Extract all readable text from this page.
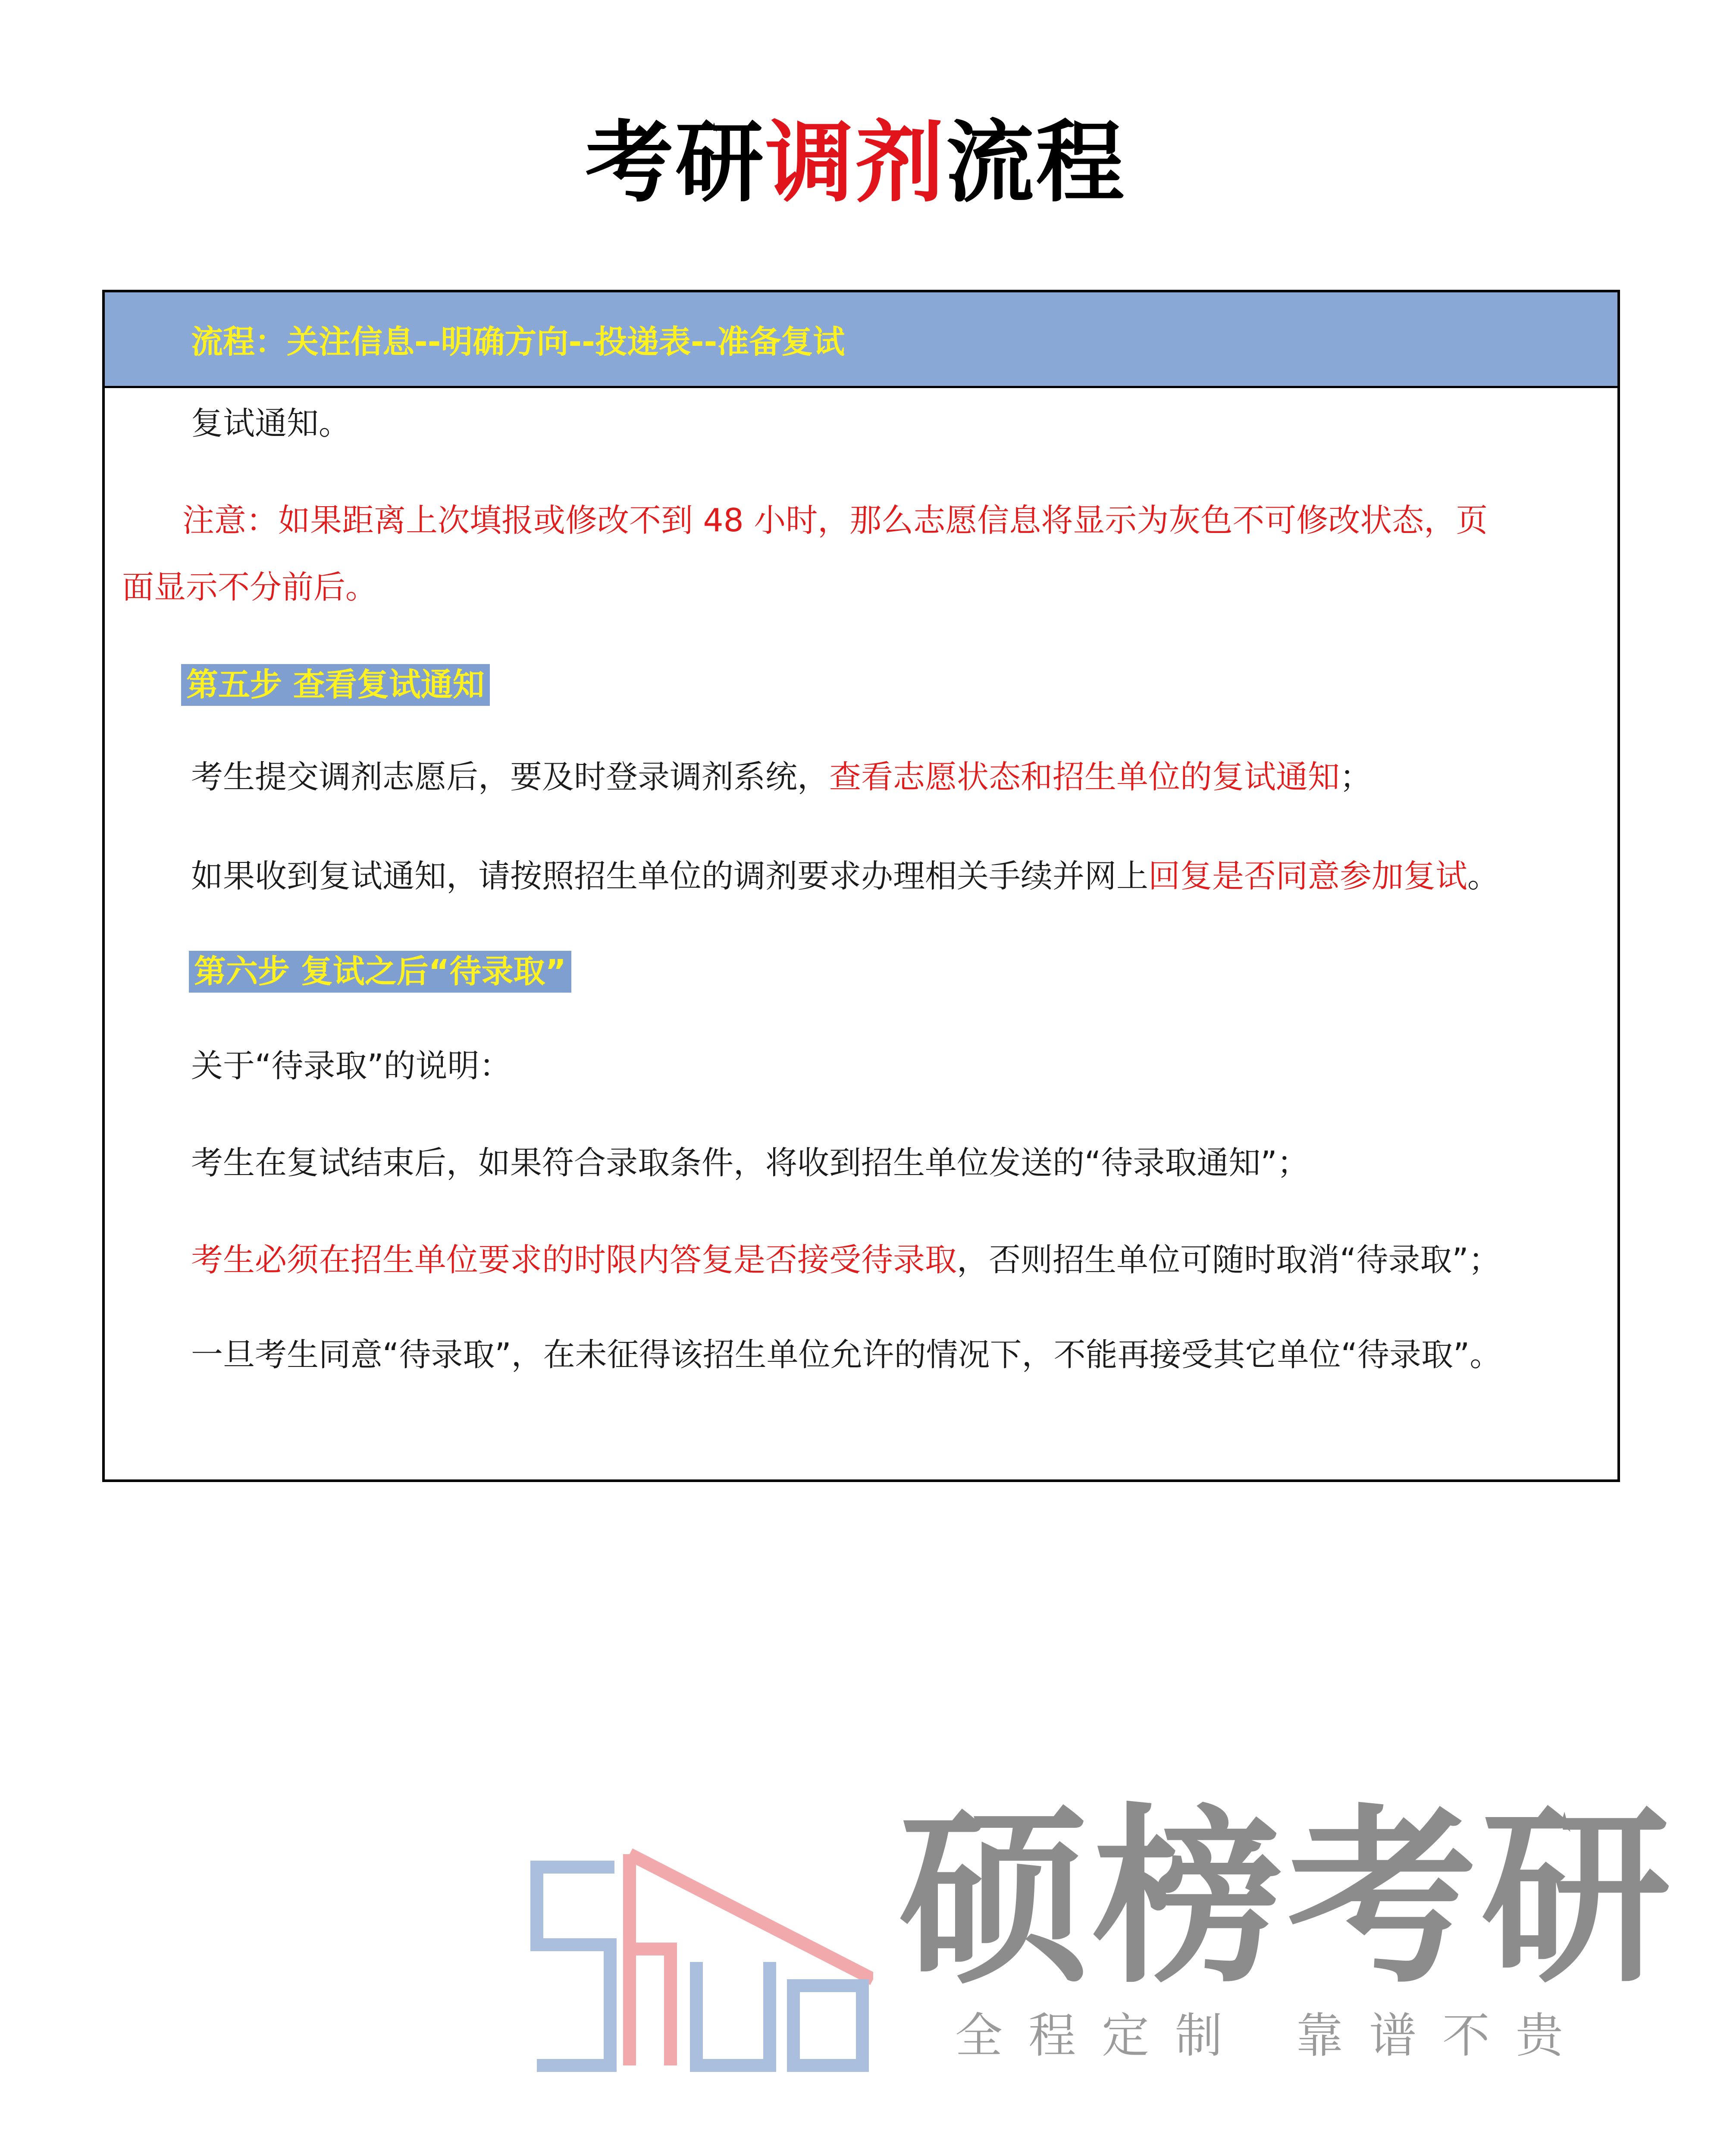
考研调剂流程
流程：关注信息--明确方向--投递表--准备复试
复试通知。
注意：如果距离上次填报或修改不到 48 小时，那么志愿信息将显示为灰色不可修改状态，页
面显示不分前后。
第五步 查看复试通知
考生提交调剂志愿后，要及时登录调剂系统，查看志愿状态和招生单位的复试通知；
如果收到复试通知，请按照招生单位的调剂要求办理相关手续并网上回复是否同意参加复试。
第六步 复试之后“待录取”
关于“待录取”的说明：
考生在复试结束后，如果符合录取条件，将收到招生单位发送的“待录取通知”；
考生必须在招生单位要求的时限内答复是否接受待录取，否则招生单位可随时取消“待录取”；
一旦考生同意“待录取”，在未征得该招生单位允许的情况下，不能再接受其它单位“待录取”。
硕榜考研
全程定制 靠谱不贵
